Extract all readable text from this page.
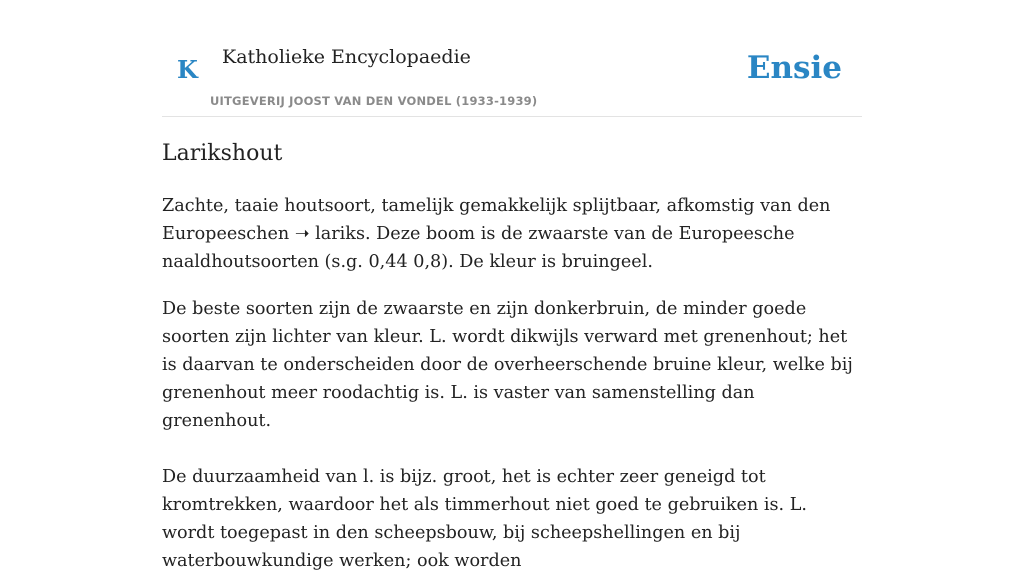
K Katholieke Encyclopaedie
UITGEVERIJ JOOST VAN DEN VONDEL (1933-1939)
Ensie
Larikshout

Zachte, taaie houtsoort, tamelijk gemakkelijk splijtbaar, afkomstig van den Europeeschen ➝ lariks. Deze boom is de zwaarste van de Europeesche naaldhoutsoorten (s.g. 0,44 0,8). De kleur is bruingeel.

De beste soorten zijn de zwaarste en zijn donkerbruin, de minder goede soorten zijn lichter van kleur. L. wordt dikwijls verward met grenenhout; het is daarvan te onderscheiden door de overheerschende bruine kleur, welke bij grenenhout meer roodachtig is. L. is vaster van samenstelling dan grenenhout.

De duurzaamheid van l. is bijz. groot, het is echter zeer geneigd tot kromtrekken, waardoor het als timmerhout niet goed te gebruiken is. L. wordt toegepast in den scheepsbouw, bij scheepshellingen en bij waterbouwkundige werken; ook worden
